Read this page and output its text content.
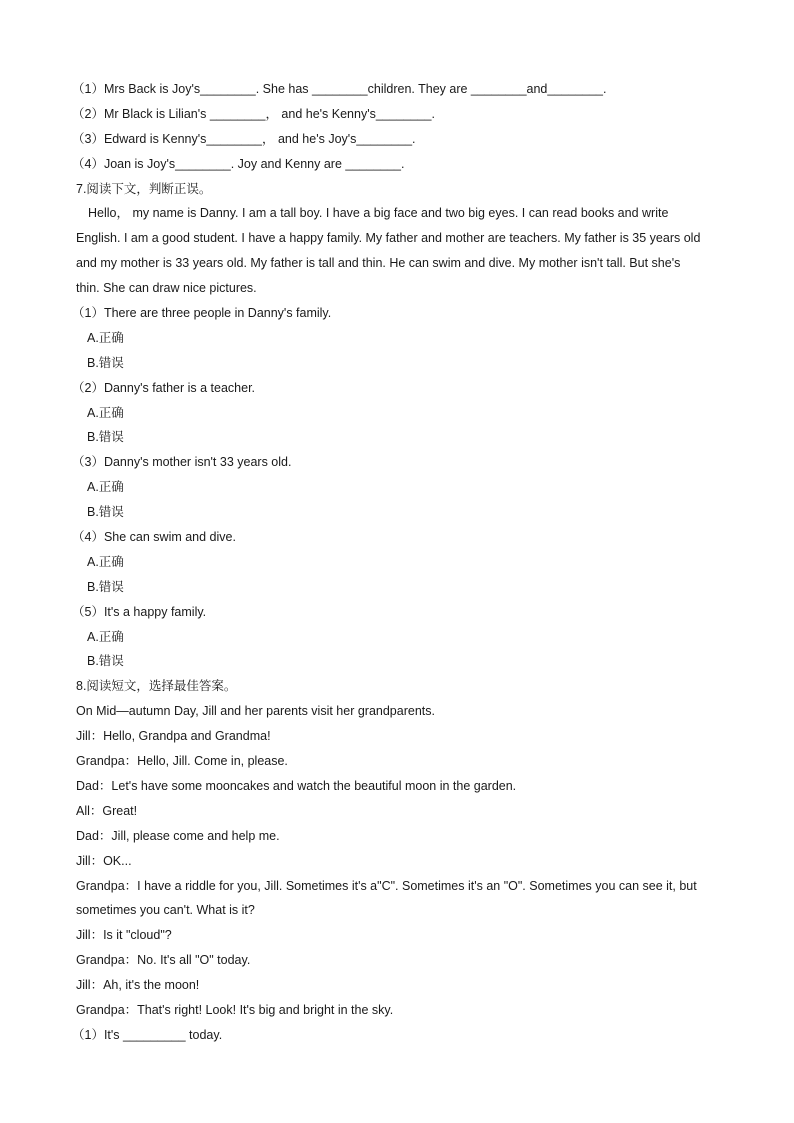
（1）Mrs Back is Joy's________. She has ________children. They are ________and________.
（2）Mr Black is Lilian's ________， and he's Kenny's________.
（3）Edward is Kenny's________， and he's Joy's________.
（4）Joan is Joy's________. Joy and Kenny are ________.
7.阅读下文，判断正误。
Hello， my name is Danny. I am a tall boy. I have a big face and two big eyes. I can read books and write
English. I am a good student. I have a happy family. My father and mother are teachers. My father is 35 years old
and my mother is 33 years old. My father is tall and thin. He can swim and dive. My mother isn't tall. But she's
thin. She can draw nice pictures.
（1）There are three people in Danny's family.
A.正确
B.错误
（2）Danny's father is a teacher.
A.正确
B.错误
（3）Danny's mother isn't 33 years old.
A.正确
B.错误
（4）She can swim and dive.
A.正确
B.错误
（5）It's a happy family.
A.正确
B.错误
8.阅读短文，选择最佳答案。
On Mid—autumn Day, Jill and her parents visit her grandparents.
Jill：Hello, Grandpa and Grandma!
Grandpa：Hello, Jill. Come in, please.
Dad：Let's have some mooncakes and watch the beautiful moon in the garden.
All：Great!
Dad：Jill, please come and help me.
Jill：OK...
Grandpa：I have a riddle for you, Jill. Sometimes it's a"C". Sometimes it's an "O". Sometimes you can see it, but
sometimes you can't. What is it?
Jill：Is it "cloud"?
Grandpa：No. It's all "O" today.
Jill：Ah, it's the moon!
Grandpa：That's right! Look! It's big and bright in the sky.
（1）It's _________ today.
